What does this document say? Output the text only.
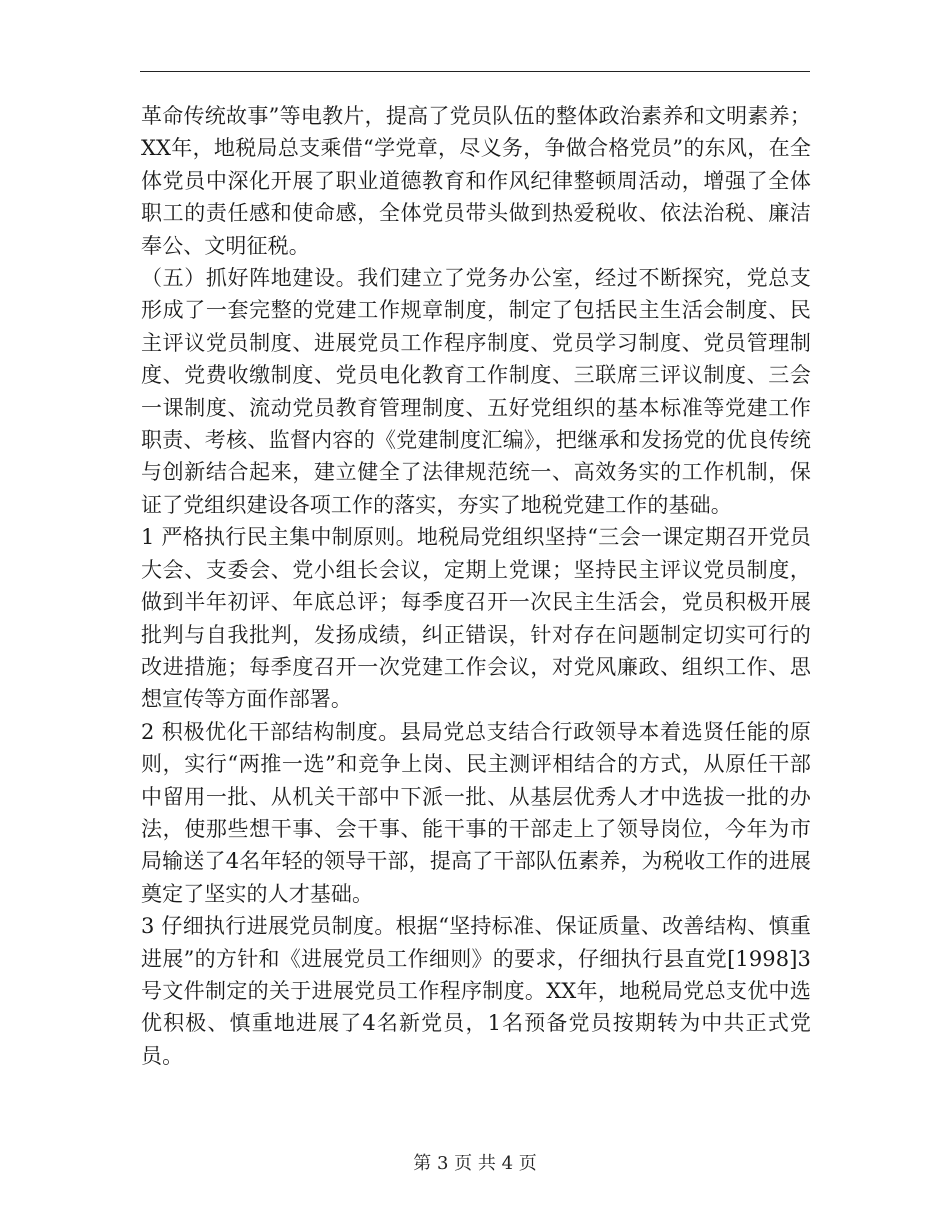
革命传统故事”等电教片，提高了党员队伍的整体政治素养和文明素养；XX年，地税局总支乘借“学党章，尽义务，争做合格党员”的东风，在全体党员中深化开展了职业道德教育和作风纪律整顿周活动，增强了全体职工的责任感和使命感，全体党员带头做到热爱税收、依法治税、廉洁奉公、文明征税。

（五）抓好阵地建设。我们建立了党务办公室，经过不断探究，党总支形成了一套完整的党建工作规章制度，制定了包括民主生活会制度、民主评议党员制度、进展党员工作程序制度、党员学习制度、党员管理制度、党费收缴制度、党员电化教育工作制度、三联席三评议制度、三会一课制度、流动党员教育管理制度、五好党组织的基本标准等党建工作职责、考核、监督内容的《党建制度汇编》，把继承和发扬党的优良传统与创新结合起来，建立健全了法律规范统一、高效务实的工作机制，保证了党组织建设各项工作的落实，夯实了地税党建工作的基础。

1 严格执行民主集中制原则。地税局党组织坚持“三会一课定期召开党员大会、支委会、党小组长会议，定期上党课；坚持民主评议党员制度，做到半年初评、年底总评；每季度召开一次民主生活会，党员积极开展批判与自我批判，发扬成绩，纠正错误，针对存在问题制定切实可行的改进措施；每季度召开一次党建工作会议，对党风廉政、组织工作、思想宣传等方面作部署。

2 积极优化干部结构制度。县局党总支结合行政领导本着选贤任能的原则，实行“两推一选”和竞争上岗、民主测评相结合的方式，从原任干部中留用一批、从机关干部中下派一批、从基层优秀人才中选拔一批的办法，使那些想干事、会干事、能干事的干部走上了领导岗位，今年为市局输送了4名年轻的领导干部，提高了干部队伍素养，为税收工作的进展奠定了坚实的人才基础。

3 仔细执行进展党员制度。根据“坚持标准、保证质量、改善结构、慎重进展”的方针和《进展党员工作细则》的要求，仔细执行县直党[1998]3号文件制定的关于进展党员工作程序制度。XX年，地税局党总支优中选优积极、慎重地进展了4名新党员，1名预备党员按期转为中共正式党员。

第 3 页 共 4 页
